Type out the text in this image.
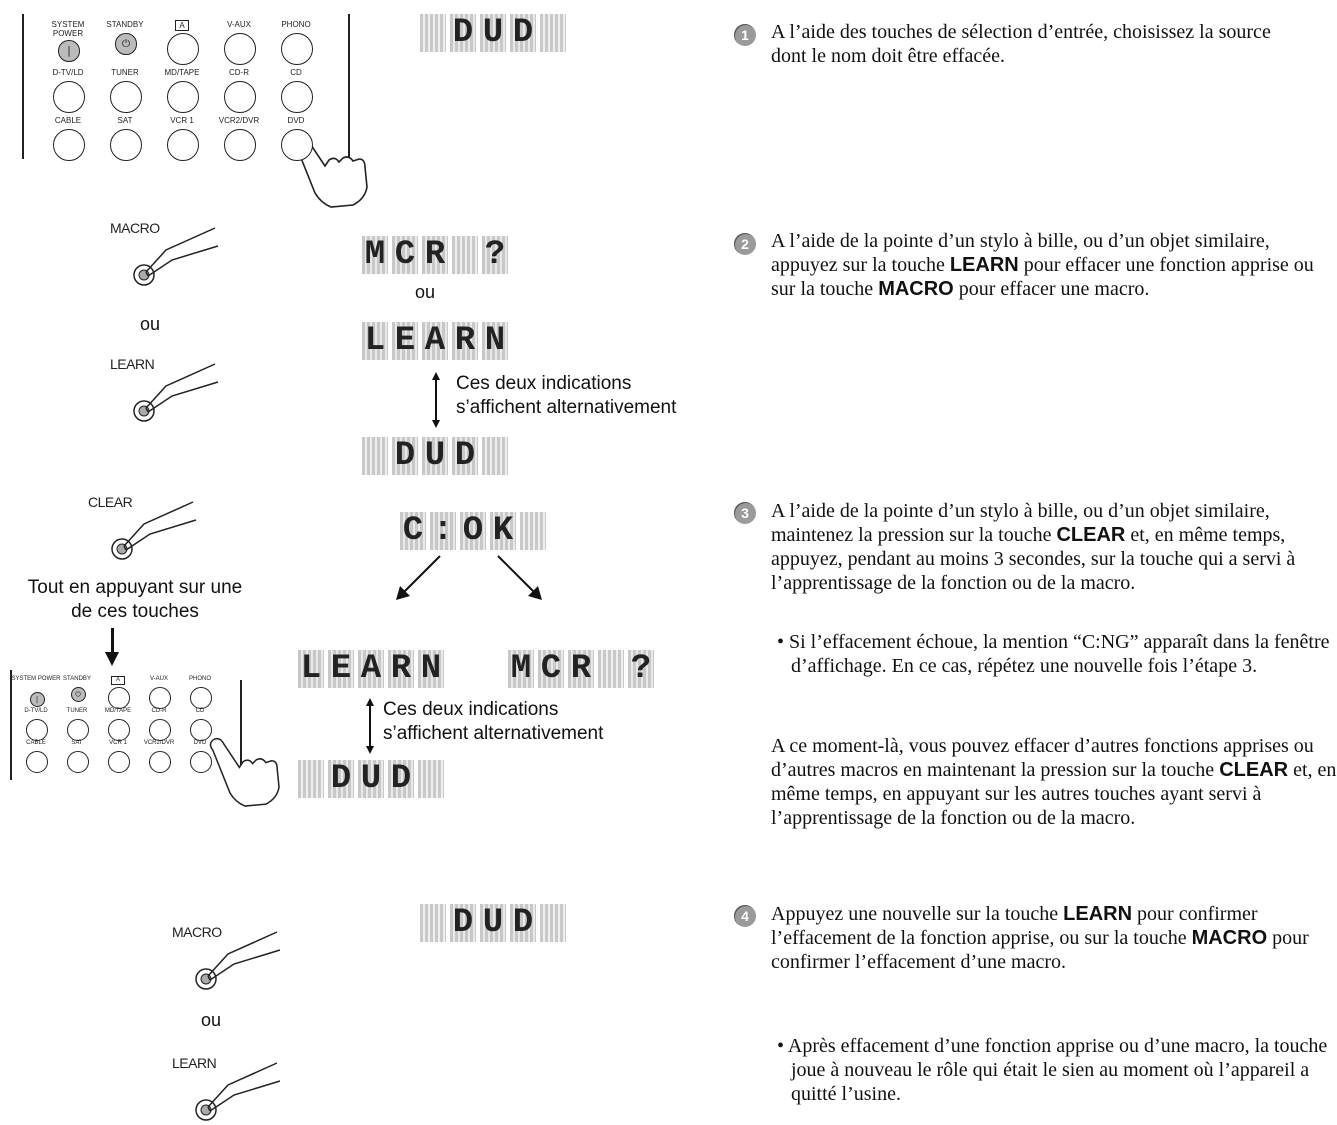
ou
ou
ou
Tout en appuyant sur une
de ces touches
Ces deux indications
s’affichent alternativement
Ces deux indications
s’affichent alternativement
1	A l’aide des touches de sélection d’entrée, choisissez la source dont le nom doit être effacée.
2	A l’aide de la pointe d’un stylo à bille, ou d’un objet similaire, appuyez sur la touche LEARN pour effacer une fonction apprise ou sur la touche MACRO pour effacer une macro.
3	A l’aide de la pointe d’un stylo à bille, ou d’un objet similaire, maintenez la pression sur la touche CLEAR et, en même temps, appuyez, pendant au moins 3 secondes, sur la touche qui a servi à l’apprentissage de la fonction ou de la macro.
• Si l’effacement échoue, la mention “C:NG” apparaît dans la fenêtre d’affichage. En ce cas, répétez une nouvelle fois l’étape 3.
A ce moment-là, vous pouvez effacer d’autres fonctions apprises ou d’autres macros en maintenant la pression sur la touche CLEAR et, en même temps, en appuyant sur les autres touches ayant servi à l’apprentissage de la fonction ou de la macro.
4	Appuyez une nouvelle sur la touche LEARN pour confirmer l’effacement de la fonction apprise, ou sur la touche MACRO pour confirmer l’effacement d’une macro.
• Après effacement d’une fonction apprise ou d’une macro, la touche joue à nouveau le rôle qui était le sien au moment où l’appareil a quitté l’usine.
SYSTEM POWER
|
STANDBY
⏻
A	V-AUX	PHONO
D-TV/LD	TUNER	MD/TAPE	CD-R	CD
CABLE	SAT	VCR 1	VCR2/DVR	DVD
SYSTEM POWER
|
STANDBY
⏻
A	V-AUX	PHONO
D-TV/LD	TUNER	MD/TAPE	CD-R	CD
CABLE	SAT	VCR 1	VCR2/DVR	DVD
MACRO
LEARN
CLEAR
MACRO
LEARN
D U D
M C R ?
L E A R N
D U D
C : O K
L E A R N M C R ?
D U D
D U D
